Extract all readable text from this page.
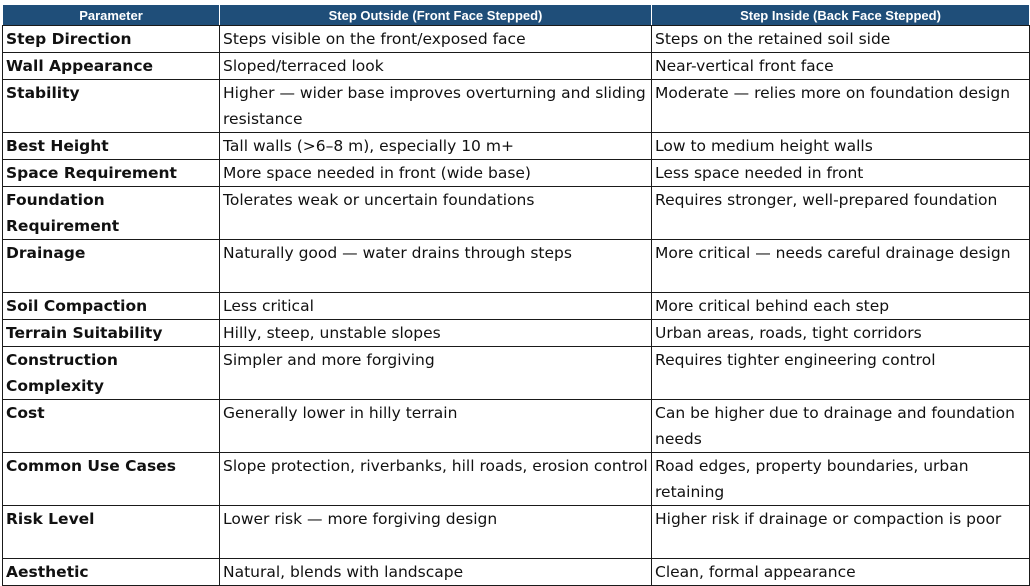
Parameter	Step Outside (Front Face Stepped)	Step Inside (Back Face Stepped)
Step Direction	Steps visible on the front/exposed face	Steps on the retained soil side
Wall Appearance	Sloped/terraced look	Near-vertical front face
Stability	Higher — wider base improves overturning and sliding resistance	Moderate — relies more on foundation design
Best Height	Tall walls (>6–8 m), especially 10 m+	Low to medium height walls
Space Requirement	More space needed in front (wide base)	Less space needed in front
Foundation Requirement	Tolerates weak or uncertain foundations	Requires stronger, well-prepared foundation
Drainage	Naturally good — water drains through steps	More critical — needs careful drainage design
Soil Compaction	Less critical	More critical behind each step
Terrain Suitability	Hilly, steep, unstable slopes	Urban areas, roads, tight corridors
Construction Complexity	Simpler and more forgiving	Requires tighter engineering control
Cost	Generally lower in hilly terrain	Can be higher due to drainage and foundation needs
Common Use Cases	Slope protection, riverbanks, hill roads, erosion control	Road edges, property boundaries, urban retaining
Risk Level	Lower risk — more forgiving design	Higher risk if drainage or compaction is poor
Aesthetic	Natural, blends with landscape	Clean, formal appearance
